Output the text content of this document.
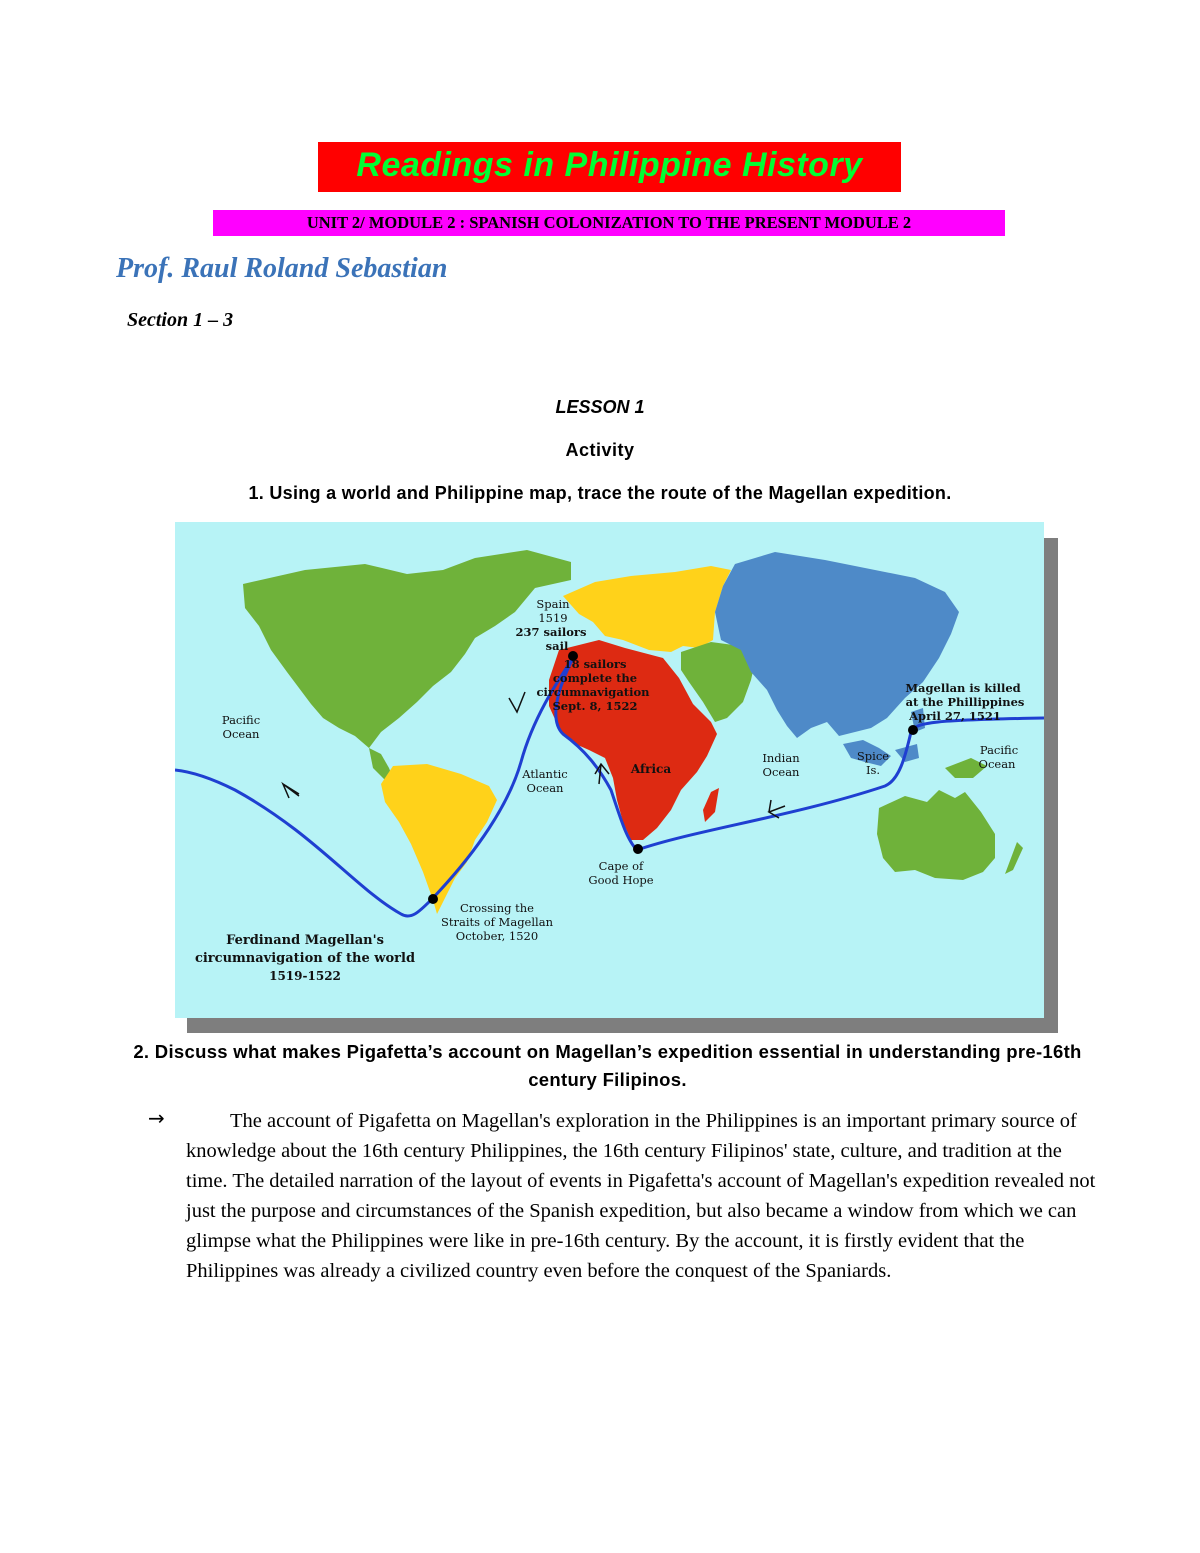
Readings in Philippine History
UNIT 2/ MODULE 2 : SPANISH COLONIZATION TO THE PRESENT MODULE 2
Prof. Raul Roland Sebastian
Section 1 – 3
LESSON 1
Activity
1. Using a world and Philippine map, trace the route of the Magellan expedition.
Spain
1519
237 sailors
sail
18 sailors
complete the
circumnavigation
Sept. 8, 1522
Magellan is killed
at the Phillippines
April 27, 1521
Pacific
Ocean
Pacific
Ocean
Atlantic
Ocean
Africa
Indian
Ocean
Spice
Is.
Cape of
Good Hope
Crossing the
Straits of Magellan
October, 1520
Ferdinand Magellan's
circumnavigation of the world
1519-1522
2. Discuss what makes Pigafetta’s account on Magellan’s expedition essential in understanding pre-16th century Filipinos.
→	The account of Pigafetta on Magellan's exploration in the Philippines is an important primary source of knowledge about the 16th century Philippines, the 16th century Filipinos' state, culture, and tradition at the time. The detailed narration of the layout of events in Pigafetta's account of Magellan's expedition revealed not just the purpose and circumstances of the Spanish expedition, but also became a window from which we can glimpse what the Philippines were like in pre-16th century. By the account, it is firstly evident that the Philippines was already a civilized country even before the conquest of the Spaniards.
